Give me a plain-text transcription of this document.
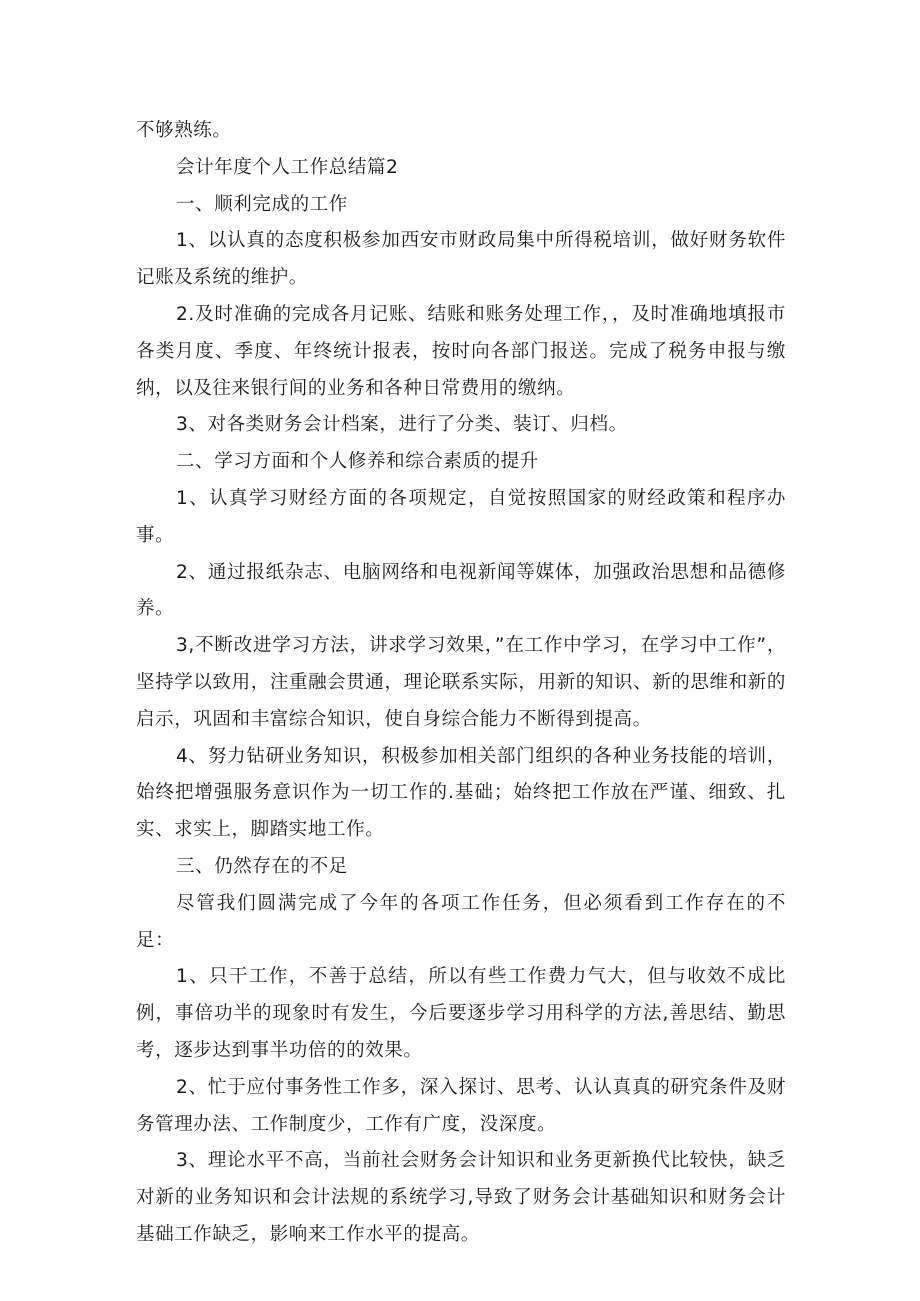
不够熟练。

会计年度个人工作总结篇2

一、顺利完成的工作

1、以认真的态度积极参加西安市财政局集中所得税培训，做好财务软件记账及系统的维护。

2.及时准确的完成各月记账、结账和账务处理工作，，及时准确地填报市各类月度、季度、年终统计报表，按时向各部门报送。完成了税务申报与缴纳，以及往来银行间的业务和各种日常费用的缴纳。

3、对各类财务会计档案，进行了分类、装订、归档。

二、学习方面和个人修养和综合素质的提升

1、认真学习财经方面的各项规定，自觉按照国家的财经政策和程序办事。

2、通过报纸杂志、电脑网络和电视新闻等媒体，加强政治思想和品德修养。

3,不断改进学习方法，讲求学习效果，”在工作中学习，在学习中工作”，坚持学以致用，注重融会贯通，理论联系实际，用新的知识、新的思维和新的启示，巩固和丰富综合知识，使自身综合能力不断得到提高。

4、努力钻研业务知识，积极参加相关部门组织的各种业务技能的培训，始终把增强服务意识作为一切工作的.基础；始终把工作放在严谨、细致、扎实、求实上，脚踏实地工作。

三、仍然存在的不足

尽管我们圆满完成了今年的各项工作任务，但必须看到工作存在的不足：

1、只干工作，不善于总结，所以有些工作费力气大，但与收效不成比例，事倍功半的现象时有发生，今后要逐步学习用科学的方法,善思结、勤思考，逐步达到事半功倍的的效果。

2、忙于应付事务性工作多，深入探讨、思考、认认真真的研究条件及财务管理办法、工作制度少，工作有广度，没深度。

3、理论水平不高，当前社会财务会计知识和业务更新换代比较快，缺乏对新的业务知识和会计法规的系统学习,导致了财务会计基础知识和财务会计基础工作缺乏，影响来工作水平的提高。
